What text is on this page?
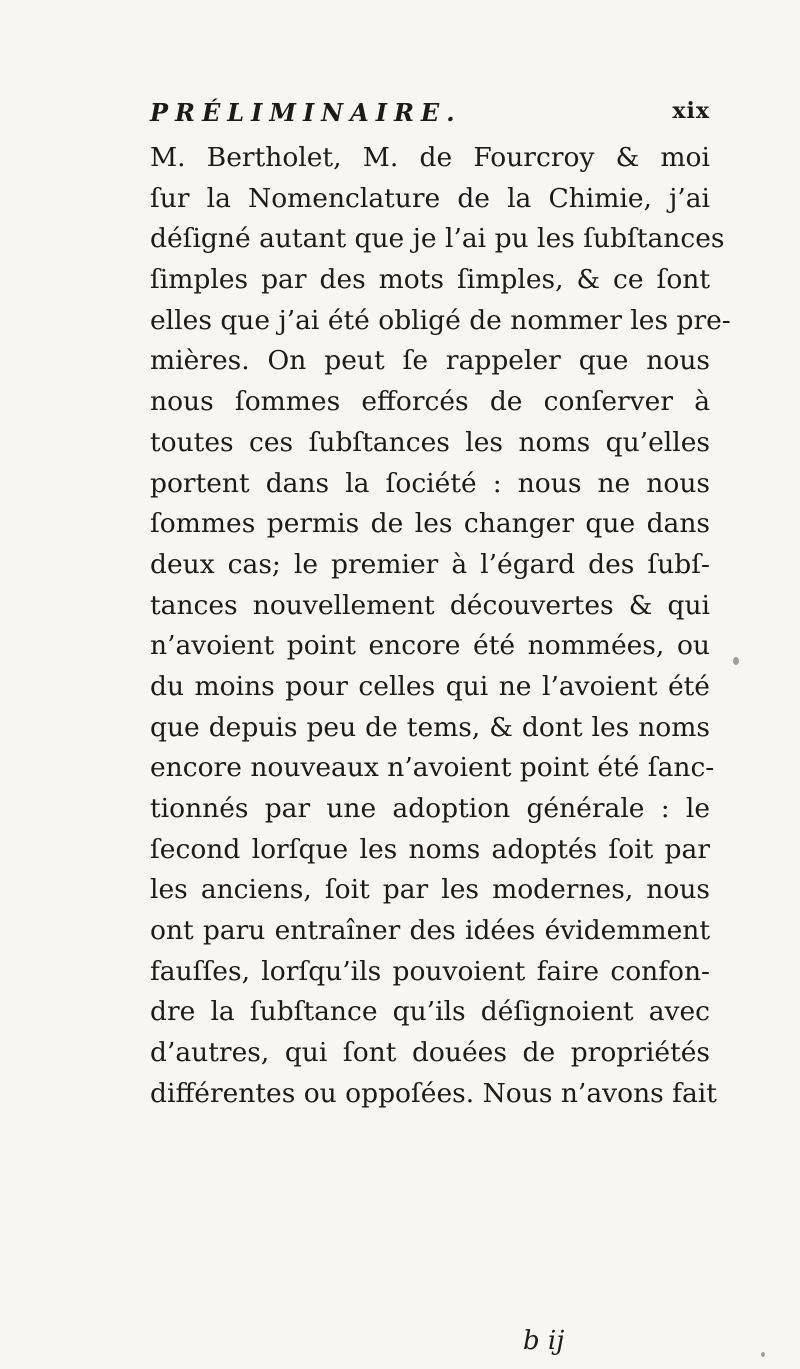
PRÉLIMINAIRE.	xix
M. Bertholet, M. de Fourcroy & moi
ſur la Nomenclature de la Chimie, j’ai
déſigné autant que je l’ai pu les ſubſtances
ſimples par des mots ſimples, & ce ſont
elles que j’ai été obligé de nommer les pre-
mières. On peut ſe rappeler que nous
nous ſommes efforcés de conſerver à
toutes ces ſubſtances les noms qu’elles
portent dans la ſociété : nous ne nous
ſommes permis de les changer que dans
deux cas; le premier à l’égard des ſubſ-
tances nouvellement découvertes & qui
n’avoient point encore été nommées, ou
du moins pour celles qui ne l’avoient été
que depuis peu de tems, & dont les noms
encore nouveaux n’avoient point été ſanc-
tionnés par une adoption générale : le
ſecond lorſque les noms adoptés ſoit par
les anciens, ſoit par les modernes, nous
ont paru entraîner des idées évidemment
fauſſes, lorſqu’ils pouvoient faire confon-
dre la ſubſtance qu’ils déſignoient avec
d’autres, qui ſont douées de propriétés
différentes ou oppoſées. Nous n’avons fait
b ij
